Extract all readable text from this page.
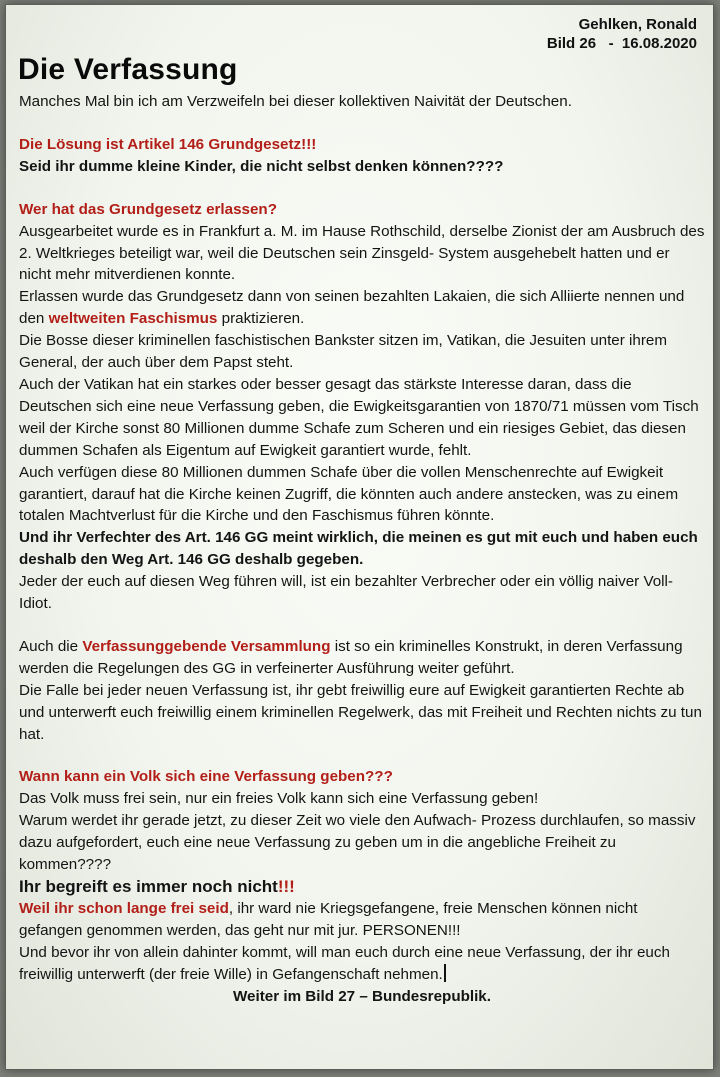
Gehlken, Ronald
Bild 26 - 16.08.2020
Die Verfassung

Manches Mal bin ich am Verzweifeln bei dieser kollektiven Naivität der Deutschen.

Die Lösung ist Artikel 146 Grundgesetz!!!

Seid ihr dumme kleine Kinder, die nicht selbst denken können????

Wer hat das Grundgesetz erlassen?

Ausgearbeitet wurde es in Frankfurt a. M. im Hause Rothschild, derselbe Zionist der am Ausbruch des 2. Weltkrieges beteiligt war, weil die Deutschen sein Zinsgeld- System ausgehebelt hatten und er nicht mehr mitverdienen konnte.

Erlassen wurde das Grundgesetz dann von seinen bezahlten Lakaien, die sich Alliierte nennen und den weltweiten Faschismus praktizieren.

Die Bosse dieser kriminellen faschistischen Bankster sitzen im, Vatikan, die Jesuiten unter ihrem General, der auch über dem Papst steht.

Auch der Vatikan hat ein starkes oder besser gesagt das stärkste Interesse daran, dass die Deutschen sich eine neue Verfassung geben, die Ewigkeitsgarantien von 1870/71 müssen vom Tisch weil der Kirche sonst 80 Millionen dumme Schafe zum Scheren und ein riesiges Gebiet, das diesen dummen Schafen als Eigentum auf Ewigkeit garantiert wurde, fehlt.

Auch verfügen diese 80 Millionen dummen Schafe über die vollen Menschenrechte auf Ewigkeit garantiert, darauf hat die Kirche keinen Zugriff, die könnten auch andere anstecken, was zu einem totalen Machtverlust für die Kirche und den Faschismus führen könnte.

Und ihr Verfechter des Art. 146 GG meint wirklich, die meinen es gut mit euch und haben euch deshalb den Weg Art. 146 GG deshalb gegeben.

Jeder der euch auf diesen Weg führen will, ist ein bezahlter Verbrecher oder ein völlig naiver Voll- Idiot.

Auch die Verfassunggebende Versammlung ist so ein kriminelles Konstrukt, in deren Verfassung werden die Regelungen des GG in verfeinerter Ausführung weiter geführt.

Die Falle bei jeder neuen Verfassung ist, ihr gebt freiwillig eure auf Ewigkeit garantierten Rechte ab und unterwerft euch freiwillig einem kriminellen Regelwerk, das mit Freiheit und Rechten nichts zu tun hat.

Wann kann ein Volk sich eine Verfassung geben???

Das Volk muss frei sein, nur ein freies Volk kann sich eine Verfassung geben!

Warum werdet ihr gerade jetzt, zu dieser Zeit wo viele den Aufwach- Prozess durchlaufen, so massiv dazu aufgefordert, euch eine neue Verfassung zu geben um in die angebliche Freiheit zu kommen????

Ihr begreift es immer noch nicht!!!

Weil ihr schon lange frei seid, ihr ward nie Kriegsgefangene, freie Menschen können nicht gefangen genommen werden, das geht nur mit jur. PERSONEN!!!

Und bevor ihr von allein dahinter kommt, will man euch durch eine neue Verfassung, der ihr euch freiwillig unterwerft (der freie Wille) in Gefangenschaft nehmen.

Weiter im Bild 27 – Bundesrepublik.
